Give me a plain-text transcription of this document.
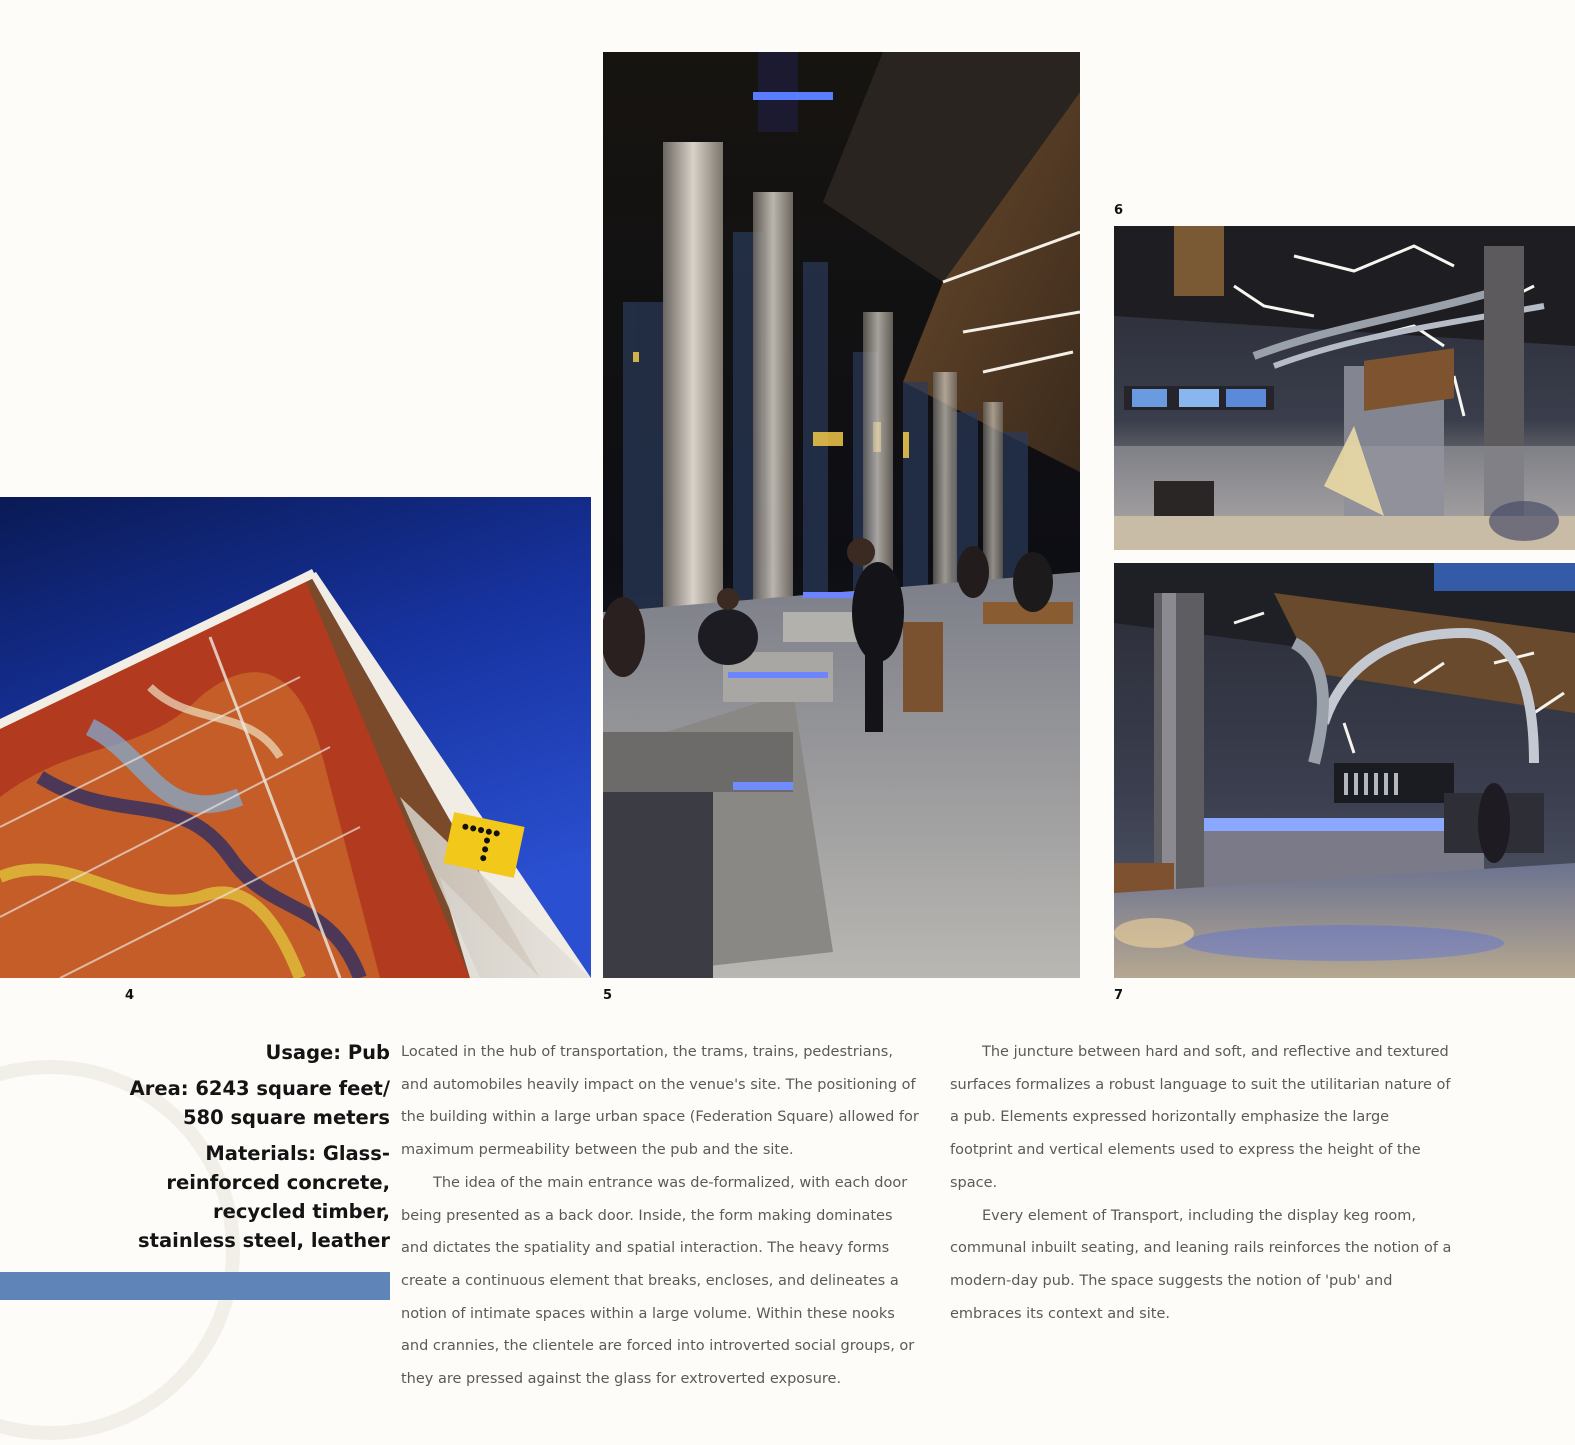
4	5
6
7

Usage: Pub

Area: 6243 square feet/
580 square meters

Materials: Glass-
reinforced concrete,
recycled timber,
stainless steel, leather

Located in the hub of transportation, the trams, trains, pedestrians, and automobiles heavily impact on the venue's site. The positioning of the building within a large urban space (Federation Square) allowed for maximum permeability between the pub and the site.

The idea of the main entrance was de-formalized, with each door being presented as a back door. Inside, the form making dominates and dictates the spatiality and spatial interaction. The heavy forms create a continuous element that breaks, encloses, and delineates a notion of intimate spaces within a large volume. Within these nooks and crannies, the clientele are forced into introverted social groups, or they are pressed against the glass for extroverted exposure.

The juncture between hard and soft, and reflective and textured surfaces formalizes a robust language to suit the utilitarian nature of a pub. Elements expressed horizontally emphasize the large footprint and vertical elements used to express the height of the space.

Every element of Transport, including the display keg room, communal inbuilt seating, and leaning rails reinforces the notion of a modern-day pub. The space suggests the notion of 'pub' and embraces its context and site.
